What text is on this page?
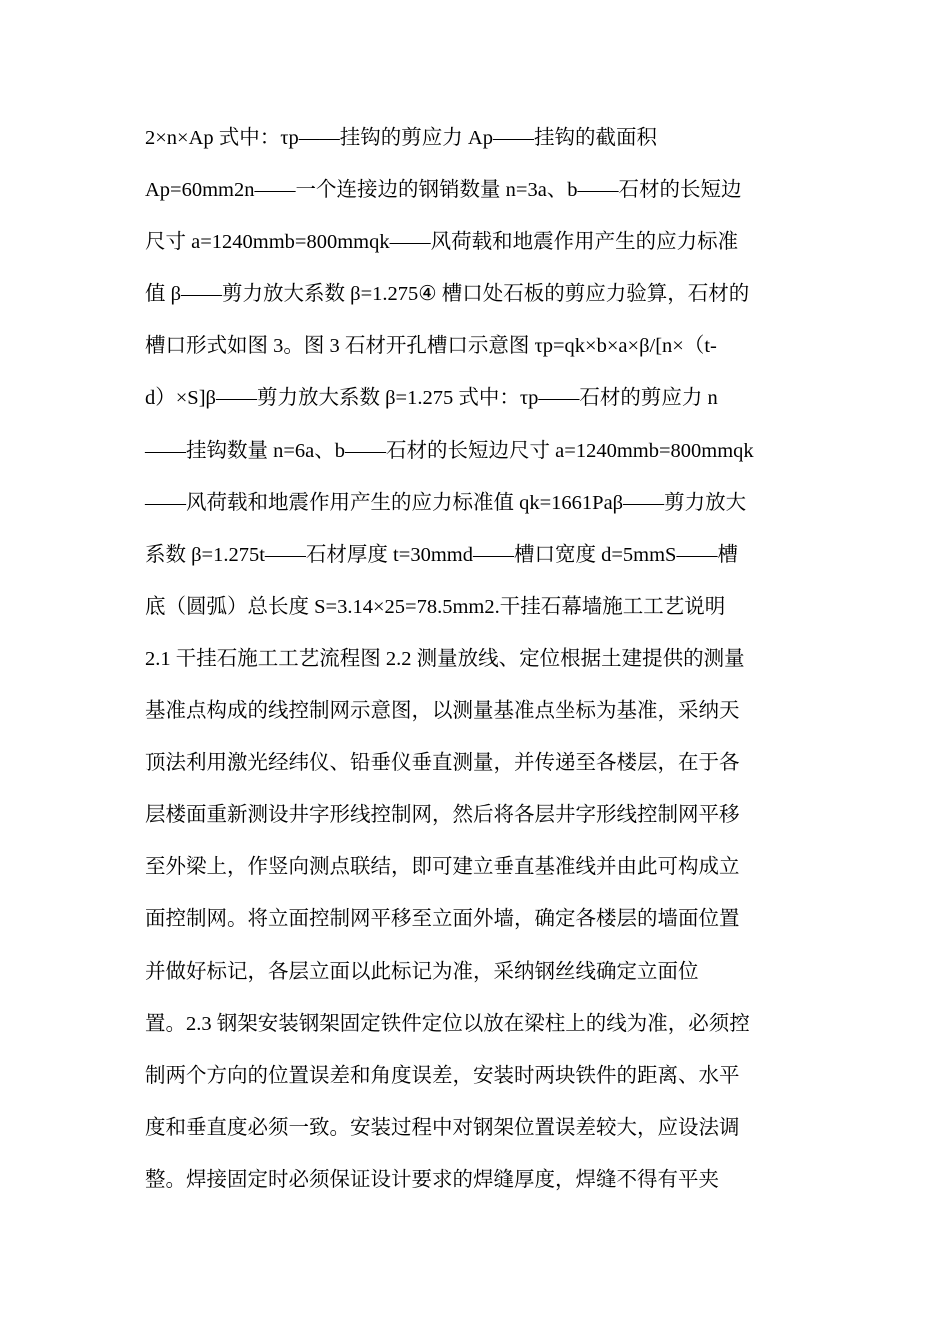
2×n×Ap 式中：τp——挂钩的剪应力 Ap——挂钩的截面积
Ap=60mm2n——一个连接边的钢销数量 n=3a、b——石材的长短边
尺寸 a=1240mmb=800mmqk——风荷载和地震作用产生的应力标准
值 β——剪力放大系数 β=1.275④ 槽口处石板的剪应力验算，石材的
槽口形式如图 3。图 3 石材开孔槽口示意图 τp=qk×b×a×β/[n×（t-
d）×S]β——剪力放大系数 β=1.275 式中：τp——石材的剪应力 n
——挂钩数量 n=6a、b——石材的长短边尺寸 a=1240mmb=800mmqk
——风荷载和地震作用产生的应力标准值 qk=1661Paβ——剪力放大
系数 β=1.275t——石材厚度 t=30mmd——槽口宽度 d=5mmS——槽
底（圆弧）总长度 S=3.14×25=78.5mm2.干挂石幕墙施工工艺说明
2.1 干挂石施工工艺流程图 2.2 测量放线、定位根据土建提供的测量
基准点构成的线控制网示意图，以测量基准点坐标为基准，采纳天
顶法利用激光经纬仪、铅垂仪垂直测量，并传递至各楼层，在于各
层楼面重新测设井字形线控制网，然后将各层井字形线控制网平移
至外梁上，作竖向测点联结，即可建立垂直基准线并由此可构成立
面控制网。将立面控制网平移至立面外墙，确定各楼层的墙面位置
并做好标记，各层立面以此标记为准，采纳钢丝线确定立面位
置。2.3 钢架安装钢架固定铁件定位以放在梁柱上的线为准，必须控
制两个方向的位置误差和角度误差，安装时两块铁件的距离、水平
度和垂直度必须一致。安装过程中对钢架位置误差较大，应设法调
整。焊接固定时必须保证设计要求的焊缝厚度，焊缝不得有平夹
